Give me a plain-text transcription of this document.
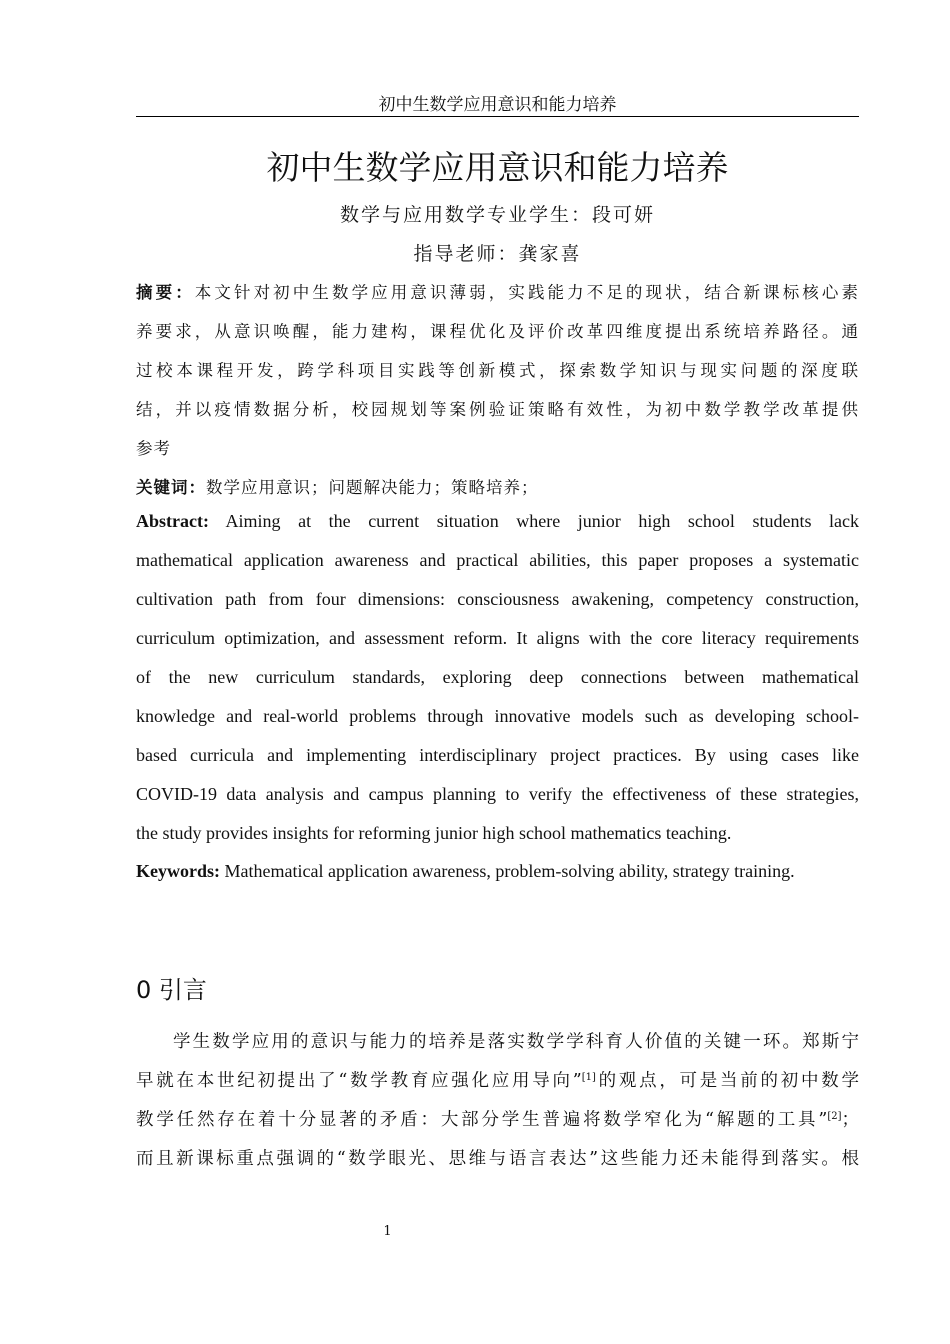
初中生数学应用意识和能力培养
初中生数学应用意识和能力培养
数学与应用数学专业学生：段可妍
指导老师：龚家喜
摘要：本文针对初中生数学应用意识薄弱，实践能力不足的现状，结合新课标核心素
养要求，从意识唤醒，能力建构，课程优化及评价改革四维度提出系统培养路径。通
过校本课程开发，跨学科项目实践等创新模式，探索数学知识与现实问题的深度联
结，并以疫情数据分析，校园规划等案例验证策略有效性，为初中数学教学改革提供
参考
关键词：数学应用意识；问题解决能力；策略培养；
Abstract: Aiming at the current situation where junior high school students lack
mathematical application awareness and practical abilities, this paper proposes a systematic
cultivation path from four dimensions: consciousness awakening, competency construction,
curriculum optimization, and assessment reform. It aligns with the core literacy requirements
of the new curriculum standards, exploring deep connections between mathematical
knowledge and real-world problems through innovative models such as developing school-
based curricula and implementing interdisciplinary project practices. By using cases like
COVID-19 data analysis and campus planning to verify the effectiveness of these strategies,
the study provides insights for reforming junior high school mathematics teaching.
Keywords: Mathematical application awareness, problem-solving ability, strategy training.
0 引言
学生数学应用的意识与能力的培养是落实数学学科育人价值的关键一环。郑斯宁
早就在本世纪初提出了“数学教育应强化应用导向”[1]的观点，可是当前的初中数学
教学任然存在着十分显著的矛盾：大部分学生普遍将数学窄化为“解题的工具”[2]；
而且新课标重点强调的“数学眼光、思维与语言表达”这些能力还未能得到落实。根
1
